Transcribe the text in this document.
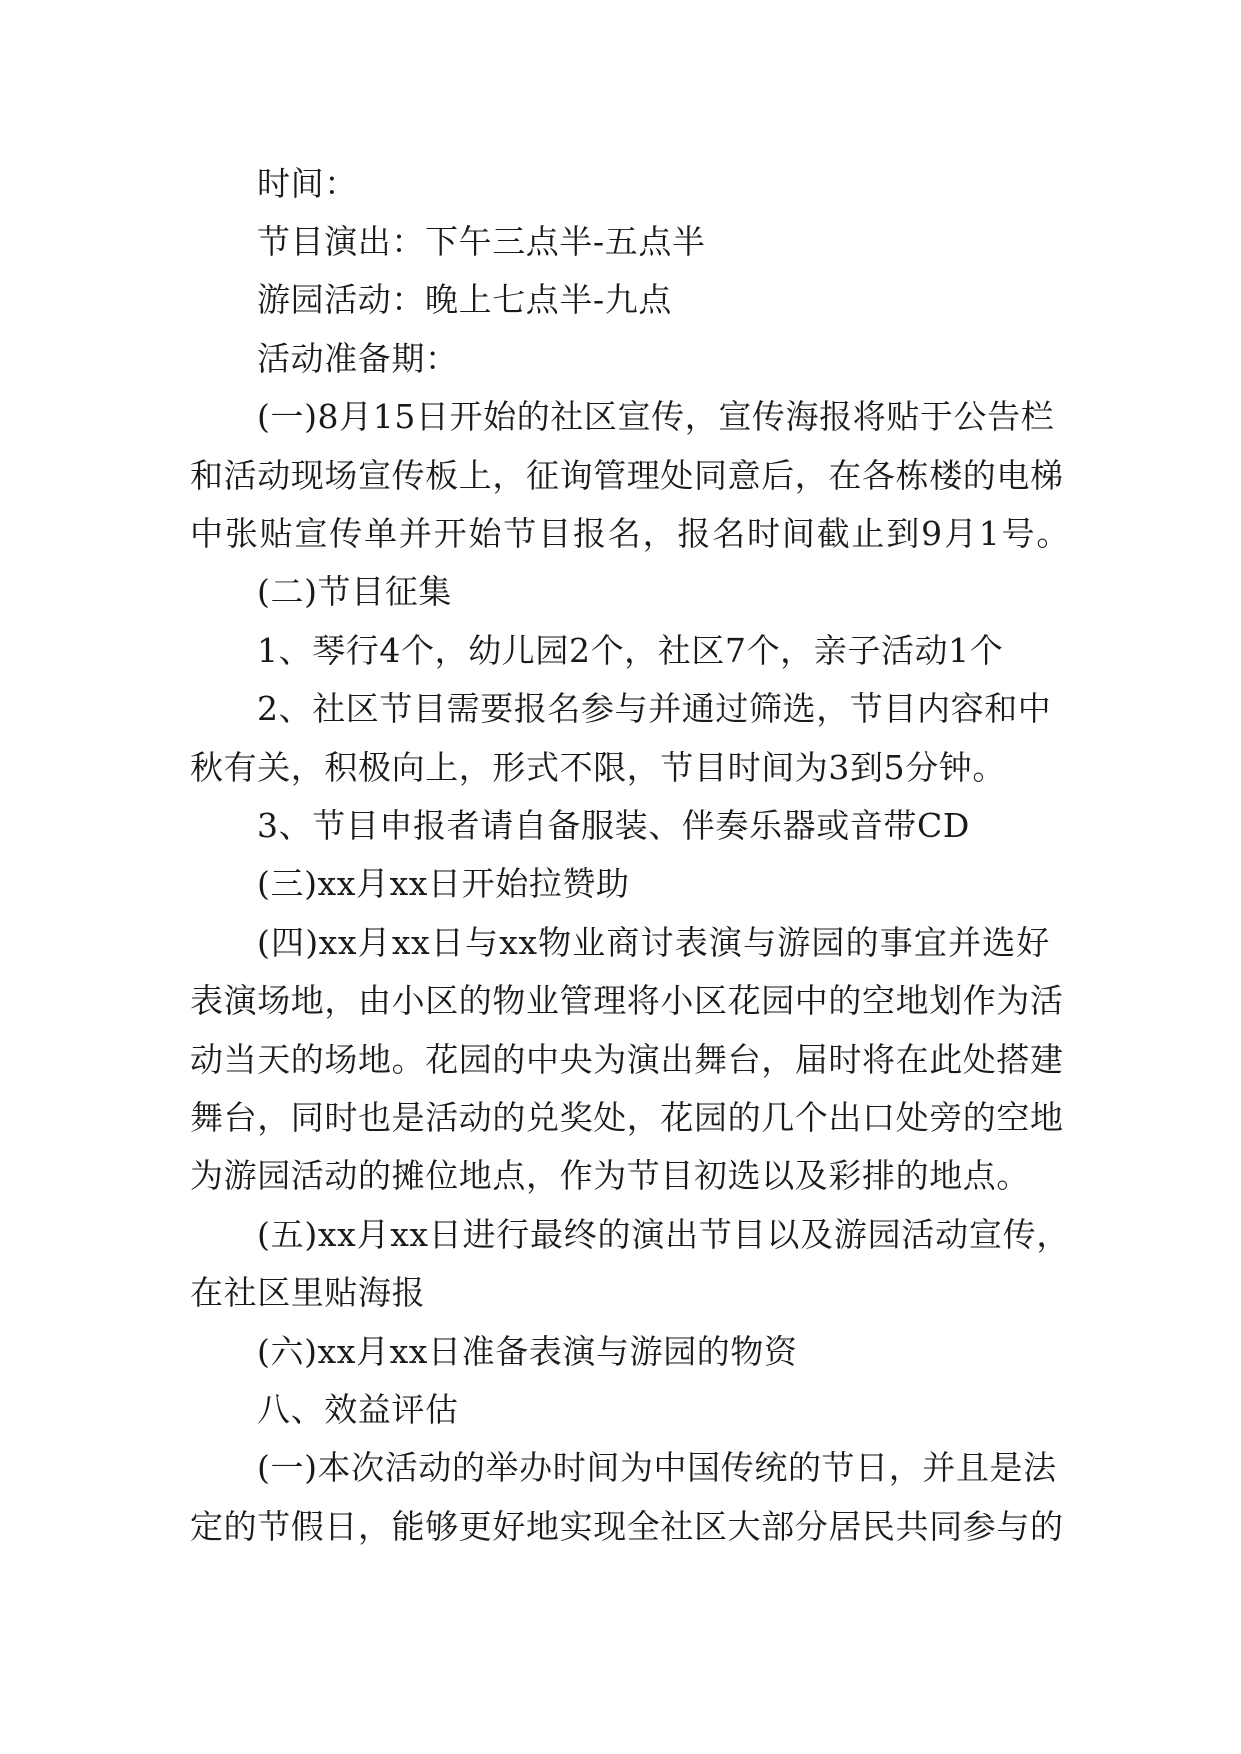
时间：
节目演出：下午三点半-五点半
游园活动：晚上七点半-九点
活动准备期：
(一)8月15日开始的社区宣传，宣传海报将贴于公告栏
和活动现场宣传板上，征询管理处同意后，在各栋楼的电梯
中张贴宣传单并开始节目报名，报名时间截止到9月1号。
(二)节目征集
1、琴行4个，幼儿园2个，社区7个，亲子活动1个
2、社区节目需要报名参与并通过筛选，节目内容和中
秋有关，积极向上，形式不限，节目时间为3到5分钟。
3、节目申报者请自备服装、伴奏乐器或音带CD
(三)xx月xx日开始拉赞助
(四)xx月xx日与xx物业商讨表演与游园的事宜并选好
表演场地，由小区的物业管理将小区花园中的空地划作为活
动当天的场地。花园的中央为演出舞台，届时将在此处搭建
舞台，同时也是活动的兑奖处，花园的几个出口处旁的空地
为游园活动的摊位地点，作为节目初选以及彩排的地点。
(五)xx月xx日进行最终的演出节目以及游园活动宣传，
在社区里贴海报
(六)xx月xx日准备表演与游园的物资
八、效益评估
(一)本次活动的举办时间为中国传统的节日，并且是法
定的节假日，能够更好地实现全社区大部分居民共同参与的
